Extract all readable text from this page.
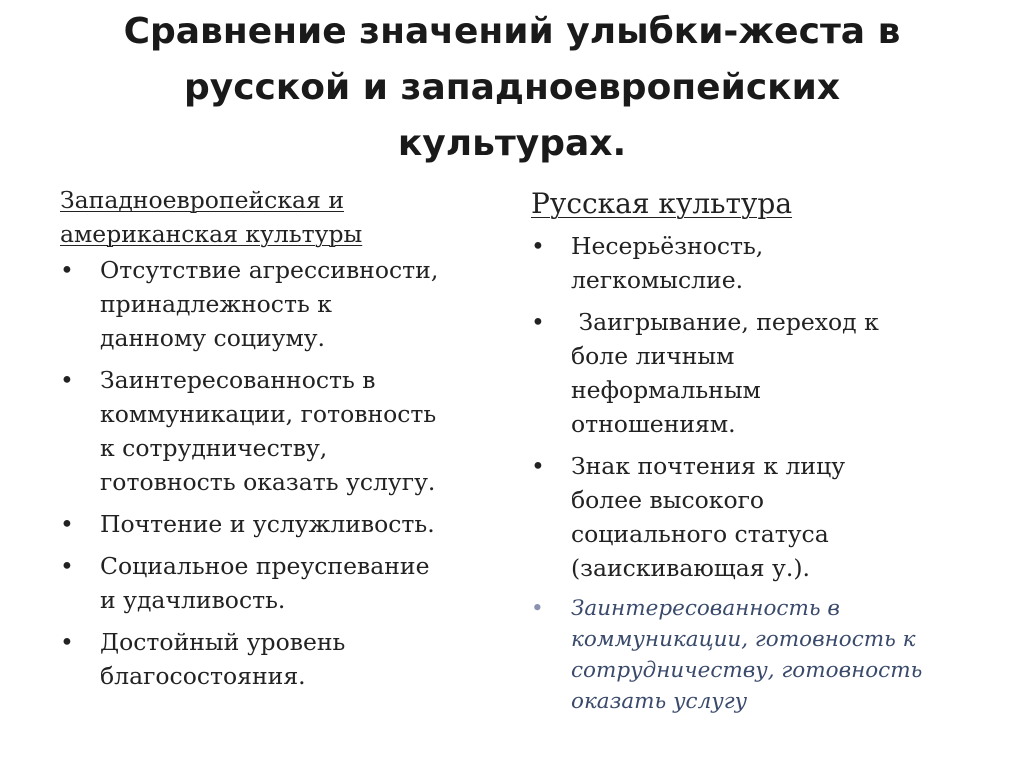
Сравнение значений улыбки-жеста в
русской и западноевропейских
культурах.
Западноевропейская и
американская культуры
• Отсутствие агрессивности,
принадлежность к
данному социуму.
• Заинтересованность в
коммуникации, готовность
к сотрудничеству,
готовность оказать услугу.
• Почтение и услужливость.
• Социальное преуспевание
и удачливость.
• Достойный уровень
благосостояния.
Русская культура
• Несерьёзность,
легкомыслие.
• Заигрывание, переход к
боле личным
неформальным
отношениям.
• Знак почтения к лицу
более высокого
социального статуса
(заискивающая у.).
•	Заинтересованность в
коммуникации, готовность к
сотрудничеству, готовность
оказать услугу
